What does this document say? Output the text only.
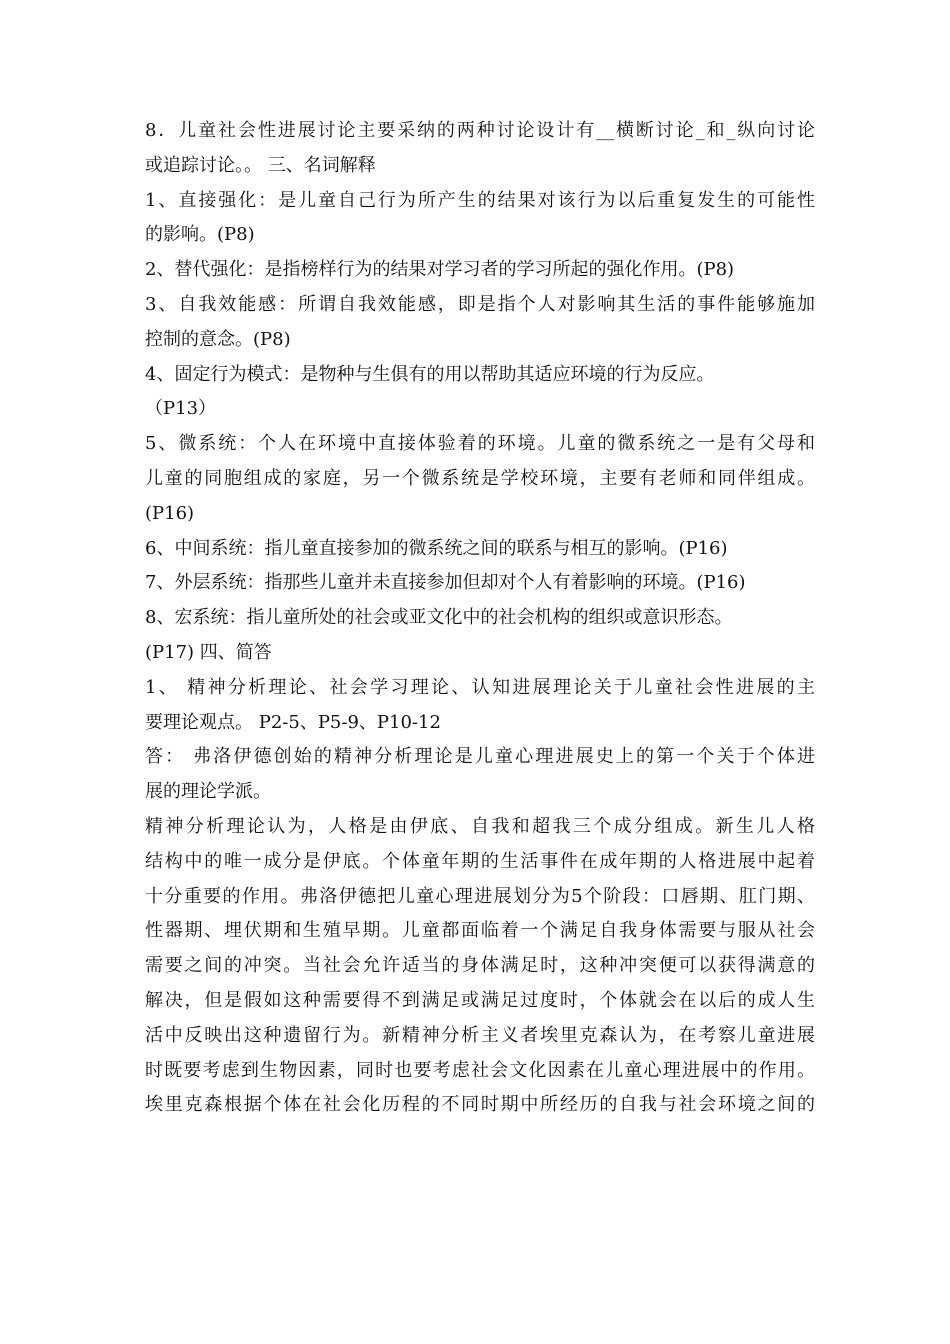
8．儿童社会性进展讨论主要采纳的两种讨论设计有__横断讨论_和_纵向讨论
或追踪讨论。。 三、名词解释
1、直接强化：是儿童自己行为所产生的结果对该行为以后重复发生的可能性
的影响。(P8)
2、替代强化：是指榜样行为的结果对学习者的学习所起的强化作用。(P8)
3、自我效能感：所谓自我效能感，即是指个人对影响其生活的事件能够施加
控制的意念。(P8)
4、固定行为模式：是物种与生俱有的用以帮助其适应环境的行为反应。
（P13）
5、微系统：个人在环境中直接体验着的环境。儿童的微系统之一是有父母和
儿童的同胞组成的家庭，另一个微系统是学校环境，主要有老师和同伴组成。
(P16)
6、中间系统：指儿童直接参加的微系统之间的联系与相互的影响。(P16)
7、外层系统：指那些儿童并未直接参加但却对个人有着影响的环境。(P16)
8、宏系统：指儿童所处的社会或亚文化中的社会机构的组织或意识形态。
(P17) 四、简答
1、 精神分析理论、社会学习理论、认知进展理论关于儿童社会性进展的主
要理论观点。 P2-5、P5-9、P10-12
答： 弗洛伊德创始的精神分析理论是儿童心理进展史上的第一个关于个体进
展的理论学派。
精神分析理论认为，人格是由伊底、自我和超我三个成分组成。新生儿人格
结构中的唯一成分是伊底。个体童年期的生活事件在成年期的人格进展中起着
十分重要的作用。弗洛伊德把儿童心理进展划分为5个阶段：口唇期、肛门期、
性器期、埋伏期和生殖早期。儿童都面临着一个满足自我身体需要与服从社会
需要之间的冲突。当社会允许适当的身体满足时，这种冲突便可以获得满意的
解决，但是假如这种需要得不到满足或满足过度时，个体就会在以后的成人生
活中反映出这种遗留行为。新精神分析主义者埃里克森认为，在考察儿童进展
时既要考虑到生物因素，同时也要考虑社会文化因素在儿童心理进展中的作用。
埃里克森根据个体在社会化历程的不同时期中所经历的自我与社会环境之间的
